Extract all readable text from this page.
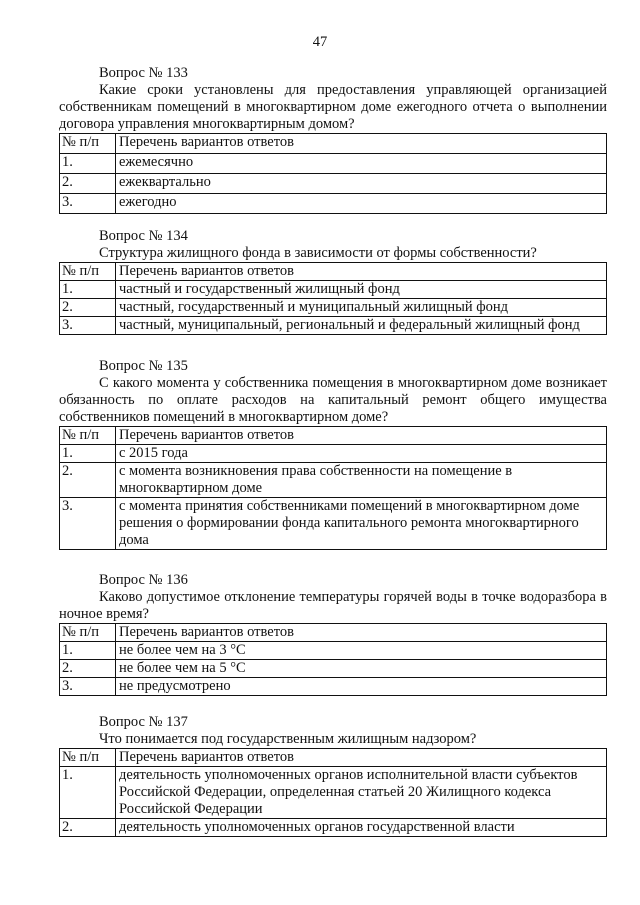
47
Вопрос № 133
Какие сроки установлены для предоставления управляющей организацией собственникам помещений в многоквартирном доме ежегодного отчета о выполнении договора управления многоквартирным домом?
№ п/п	Перечень вариантов ответов
1.	ежемесячно
2.	ежеквартально
3.	ежегодно
Вопрос № 134
Структура жилищного фонда в зависимости от формы собственности?
№ п/п	Перечень вариантов ответов
1.	частный и государственный жилищный фонд
2.	частный, государственный и муниципальный жилищный фонд
3.	частный, муниципальный, региональный и федеральный жилищный фонд
Вопрос № 135
С какого момента у собственника помещения в многоквартирном доме возникает обязанность по оплате расходов на капитальный ремонт общего имущества собственников помещений в многоквартирном доме?
№ п/п	Перечень вариантов ответов
1.	с 2015 года
2.	с момента возникновения права собственности на помещение в многоквартирном доме
3.	с момента принятия собственниками помещений в многоквартирном доме решения о формировании фонда капитального ремонта многоквартирного дома
Вопрос № 136
Каково допустимое отклонение температуры горячей воды в точке водоразбора в ночное время?
№ п/п	Перечень вариантов ответов
1.	не более чем на 3 °С
2.	не более чем на 5 °С
3.	не предусмотрено
Вопрос № 137
Что понимается под государственным жилищным надзором?
№ п/п	Перечень вариантов ответов
1.	деятельность уполномоченных органов исполнительной власти субъектов Российской Федерации, определенная статьей 20 Жилищного кодекса Российской Федерации
2.	деятельность уполномоченных органов государственной власти
